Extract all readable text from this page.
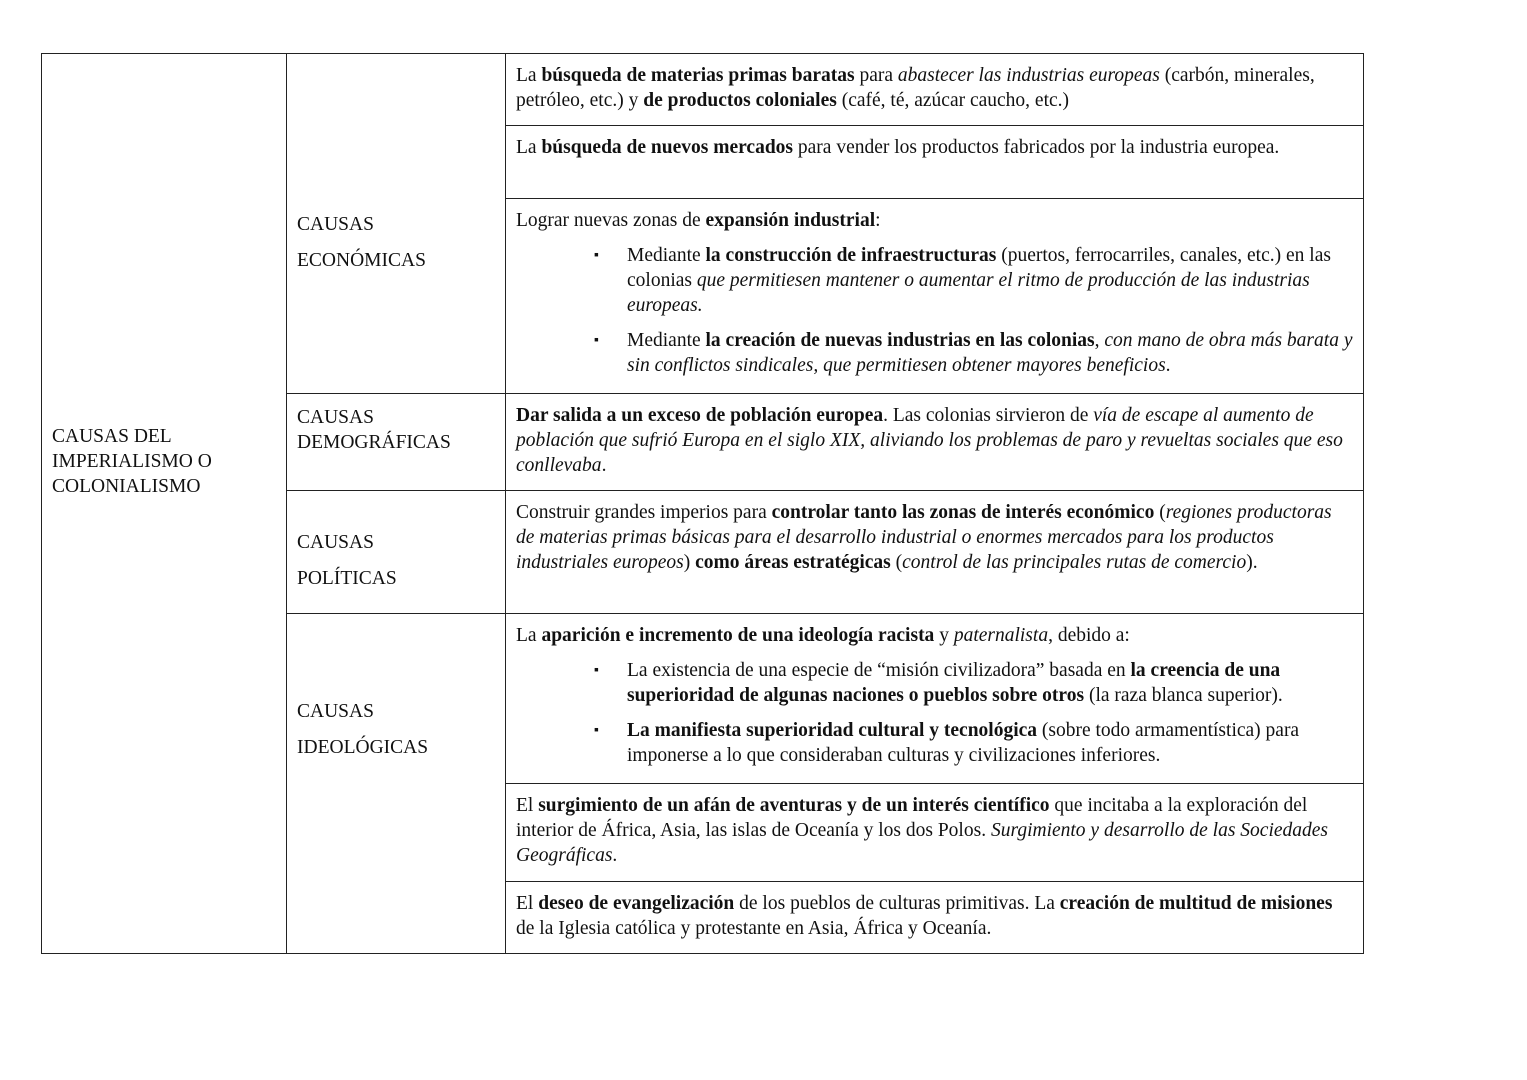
CAUSAS DEL
IMPERIALISMO O
COLONIALISMO
CAUSAS
ECONÓMICAS
CAUSAS
DEMOGRÁFICAS
CAUSAS
POLÍTICAS
CAUSAS
IDEOLÓGICAS
La búsqueda de materias primas baratas para abastecer las industrias europeas (carbón, minerales, petróleo, etc.) y de productos coloniales (café, té, azúcar caucho, etc.)
La búsqueda de nuevos mercados para vender los productos fabricados por la industria europea.
Lograr nuevas zonas de expansión industrial:
▪ Mediante la construcción de infraestructuras (puertos, ferrocarriles, canales, etc.) en las colonias que permitiesen mantener o aumentar el ritmo de producción de las industrias europeas.
▪ Mediante la creación de nuevas industrias en las colonias, con mano de obra más barata y sin conflictos sindicales, que permitiesen obtener mayores beneficios.
Dar salida a un exceso de población europea. Las colonias sirvieron de vía de escape al aumento de población que sufrió Europa en el siglo XIX, aliviando los problemas de paro y revueltas sociales que eso conllevaba.
Construir grandes imperios para controlar tanto las zonas de interés económico (regiones productoras de materias primas básicas para el desarrollo industrial o enormes mercados para los productos industriales europeos) como áreas estratégicas (control de las principales rutas de comercio).
La aparición e incremento de una ideología racista y paternalista, debido a:
▪ La existencia de una especie de “misión civilizadora” basada en la creencia de una superioridad de algunas naciones o pueblos sobre otros (la raza blanca superior).
▪ La manifiesta superioridad cultural y tecnológica (sobre todo armamentística) para imponerse a lo que consideraban culturas y civilizaciones inferiores.
El surgimiento de un afán de aventuras y de un interés científico que incitaba a la exploración del interior de África, Asia, las islas de Oceanía y los dos Polos. Surgimiento y desarrollo de las Sociedades Geográficas.
El deseo de evangelización de los pueblos de culturas primitivas. La creación de multitud de misiones de la Iglesia católica y protestante en Asia, África y Oceanía.
